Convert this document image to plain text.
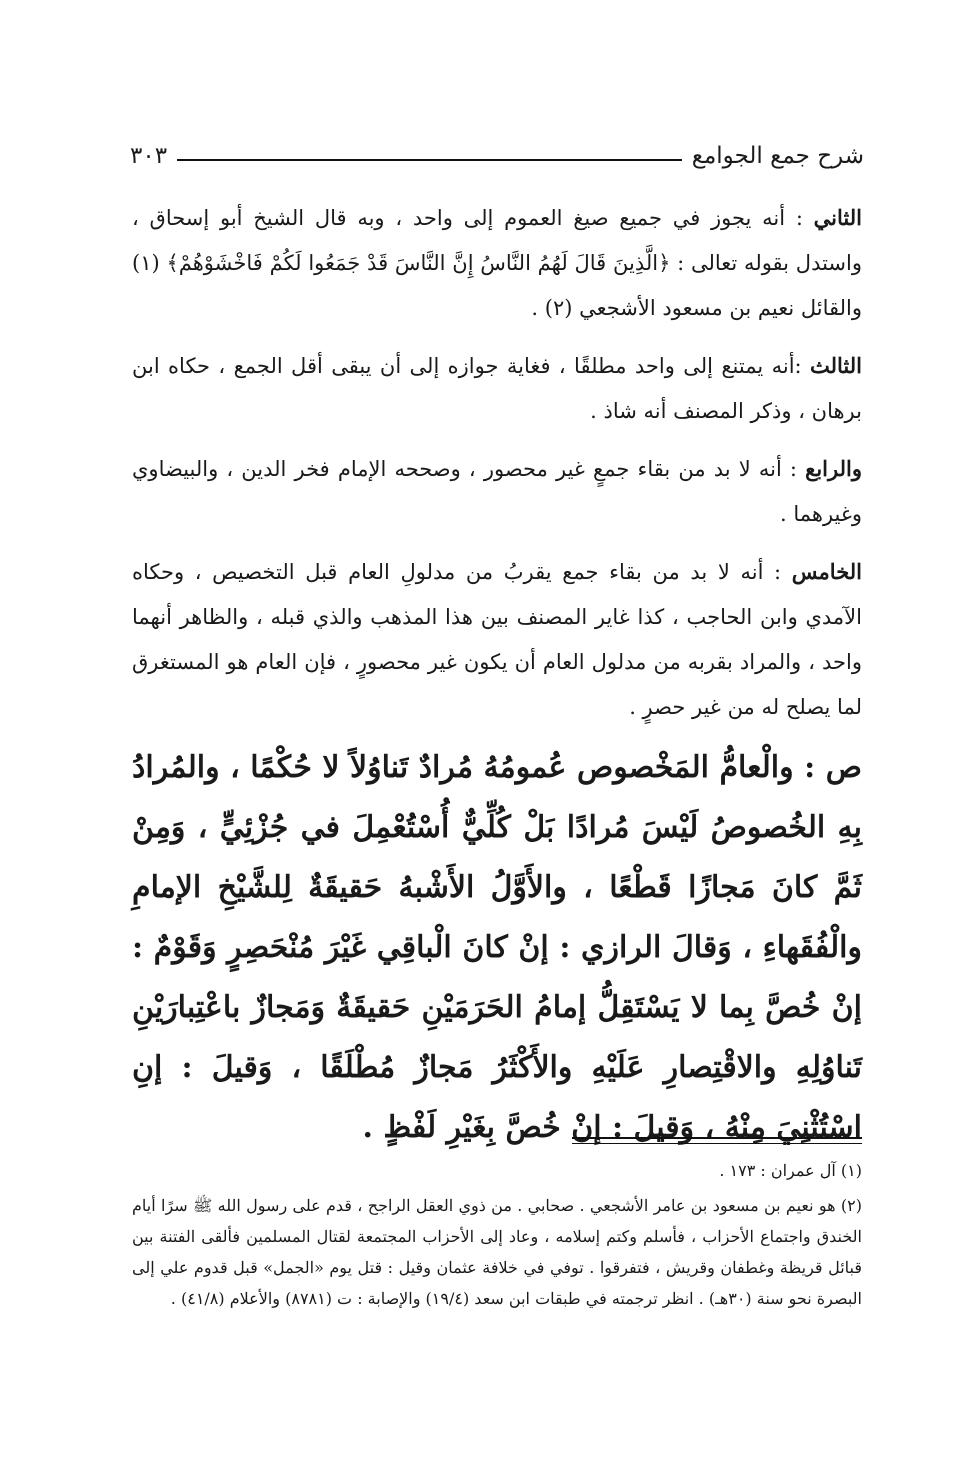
شرح جمع الجوامع
٣٠٣

الثاني : أنه يجوز في جميع صيغ العموم إلى واحد ، وبه قال الشيخ أبو إسحاق ، واستدل بقوله تعالى : ﴿الَّذِينَ قَالَ لَهُمُ النَّاسُ إِنَّ النَّاسَ قَدْ جَمَعُوا لَكُمْ فَاخْشَوْهُمْ﴾ (١) والقائل نعيم بن مسعود الأشجعي (٢) .

الثالث :أنه يمتنع إلى واحد مطلقًا ، فغاية جوازه إلى أن يبقى أقل الجمع ، حكاه ابن برهان ، وذكر المصنف أنه شاذ .

والرابع : أنه لا بد من بقاء جمعٍ غير محصور ، وصححه الإمام فخر الدين ، والبيضاوي وغيرهما .

الخامس : أنه لا بد من بقاء جمع يقربُ من مدلولِ العام قبل التخصيص ، وحكاه الآمدي وابن الحاجب ، كذا غاير المصنف بين هذا المذهب والذي قبله ، والظاهر أنهما واحد ، والمراد بقربه من مدلول العام أن يكون غير محصورٍ ، فإن العام هو المستغرق لما يصلح له من غير حصرٍ .

ص : والْعامُّ المَخْصوص عُمومُهُ مُرادٌ تَناوُلاً لا حُكْمًا ، والمُرادُ بِهِ الخُصوصُ لَيْسَ مُرادًا بَلْ كُلِّيٌّ أُسْتُعْمِلَ في جُزْئِيٍّ ، وَمِنْ ثَمَّ كانَ مَجازًا قَطْعًا ، والأَوَّلُ الأَشْبهُ حَقيقَةٌ لِلشَّيْخِ الإمامِ والْفُقَهاءِ ، وَقالَ الرازي : إنْ كانَ الْباقِي غَيْرَ مُنْحَصِرٍ وَقَوْمٌ : إنْ خُصَّ بِما لا يَسْتَقِلُّ إمامُ الحَرَمَيْنِ حَقيقَةٌ وَمَجازٌ باعْتِبارَيْنِ تَناوُلِهِ والاقْتِصارِ عَلَيْهِ والأَكْثَرُ مَجازٌ مُطْلَقًا ، وَقيلَ : إنِ اسْتُثْنِيَ مِنْهُ ، وَقيلَ : إنْ خُصَّ بِغَيْرِ لَفْظٍ .

(١) آل عمران : ١٧٣ .

(٢) هو نعيم بن مسعود بن عامر الأشجعي . صحابي . من ذوي العقل الراجح ، قدم على رسول الله ﷺ سرًا أيام الخندق واجتماع الأحزاب ، فأسلم وكتم إسلامه ، وعاد إلى الأحزاب المجتمعة لقتال المسلمين فألقى الفتنة بين قبائل قريظة وغطفان وقريش ، فتفرقوا . توفي في خلافة عثمان وقيل : قتل يوم «الجمل» قبل قدوم علي إلى البصرة نحو سنة (٣٠هـ) . انظر ترجمته في طبقات ابن سعد (١٩/٤) والإصابة : ت (٨٧٨١) والأعلام (٤١/٨) .
